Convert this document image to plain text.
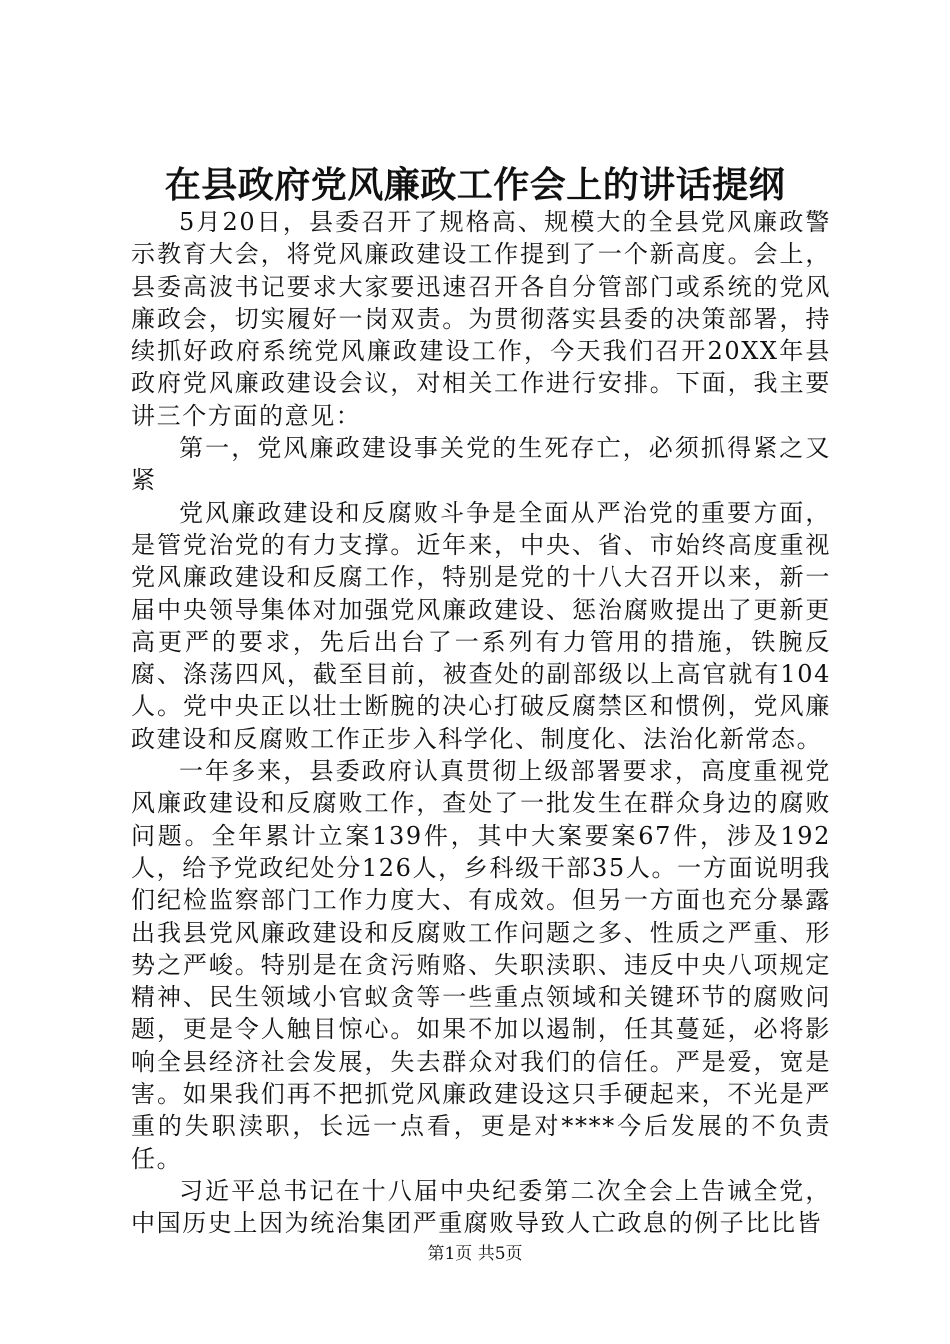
在县政府党风廉政工作会上的讲话提纲

5月20日，县委召开了规格高、规模大的全县党风廉政警示教育大会，将党风廉政建设工作提到了一个新高度。会上，县委高波书记要求大家要迅速召开各自分管部门或系统的党风廉政会，切实履好一岗双责。为贯彻落实县委的决策部署，持续抓好政府系统党风廉政建设工作，今天我们召开20XX年县政府党风廉政建设会议，对相关工作进行安排。下面，我主要讲三个方面的意见：

第一，党风廉政建设事关党的生死存亡，必须抓得紧之又紧

党风廉政建设和反腐败斗争是全面从严治党的重要方面，是管党治党的有力支撑。近年来，中央、省、市始终高度重视党风廉政建设和反腐工作，特别是党的十八大召开以来，新一届中央领导集体对加强党风廉政建设、惩治腐败提出了更新更高更严的要求，先后出台了一系列有力管用的措施，铁腕反腐、涤荡四风，截至目前，被查处的副部级以上高官就有104人。党中央正以壮士断腕的决心打破反腐禁区和惯例，党风廉政建设和反腐败工作正步入科学化、制度化、法治化新常态。

一年多来，县委政府认真贯彻上级部署要求，高度重视党风廉政建设和反腐败工作，查处了一批发生在群众身边的腐败问题。全年累计立案139件，其中大案要案67件，涉及192人，给予党政纪处分126人，乡科级干部35人。一方面说明我们纪检监察部门工作力度大、有成效。但另一方面也充分暴露出我县党风廉政建设和反腐败工作问题之多、性质之严重、形势之严峻。特别是在贪污贿赂、失职渎职、违反中央八项规定精神、民生领域小官蚁贪等一些重点领域和关键环节的腐败问题，更是令人触目惊心。如果不加以遏制，任其蔓延，必将影响全县经济社会发展，失去群众对我们的信任。严是爱，宽是害。如果我们再不把抓党风廉政建设这只手硬起来，不光是严重的失职渎职，长远一点看，更是对****今后发展的不负责任。

习近平总书记在十八届中央纪委第二次全会上告诫全党，中国历史上因为统治集团严重腐败导致人亡政息的例子比比皆

第1页 共5页
